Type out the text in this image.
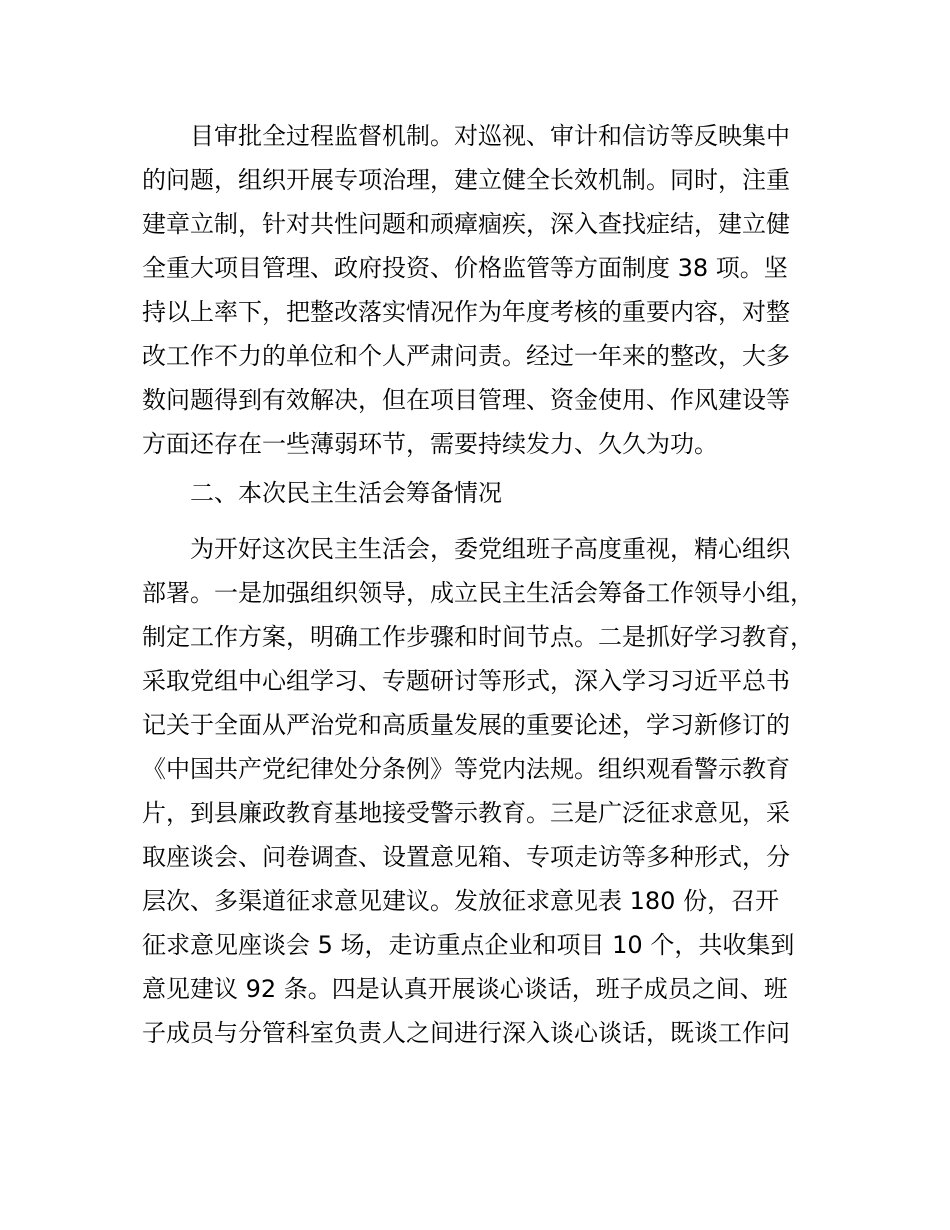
目审批全过程监督机制。对巡视、审计和信访等反映集中
的问题，组织开展专项治理，建立健全长效机制。同时，注重
建章立制，针对共性问题和顽瘴痼疾，深入查找症结，建立健
全重大项目管理、政府投资、价格监管等方面制度 38 项。坚
持以上率下，把整改落实情况作为年度考核的重要内容，对整
改工作不力的单位和个人严肃问责。经过一年来的整改，大多
数问题得到有效解决，但在项目管理、资金使用、作风建设等
方面还存在一些薄弱环节，需要持续发力、久久为功。
二、本次民主生活会筹备情况
为开好这次民主生活会，委党组班子高度重视，精心组织
部署。一是加强组织领导，成立民主生活会筹备工作领导小组，
制定工作方案，明确工作步骤和时间节点。二是抓好学习教育，
采取党组中心组学习、专题研讨等形式，深入学习习近平总书
记关于全面从严治党和高质量发展的重要论述，学习新修订的
《中国共产党纪律处分条例》等党内法规。组织观看警示教育
片，到县廉政教育基地接受警示教育。三是广泛征求意见，采
取座谈会、问卷调查、设置意见箱、专项走访等多种形式，分
层次、多渠道征求意见建议。发放征求意见表 180 份，召开
征求意见座谈会 5 场，走访重点企业和项目 10 个，共收集到
意见建议 92 条。四是认真开展谈心谈话，班子成员之间、班
子成员与分管科室负责人之间进行深入谈心谈话，既谈工作问
